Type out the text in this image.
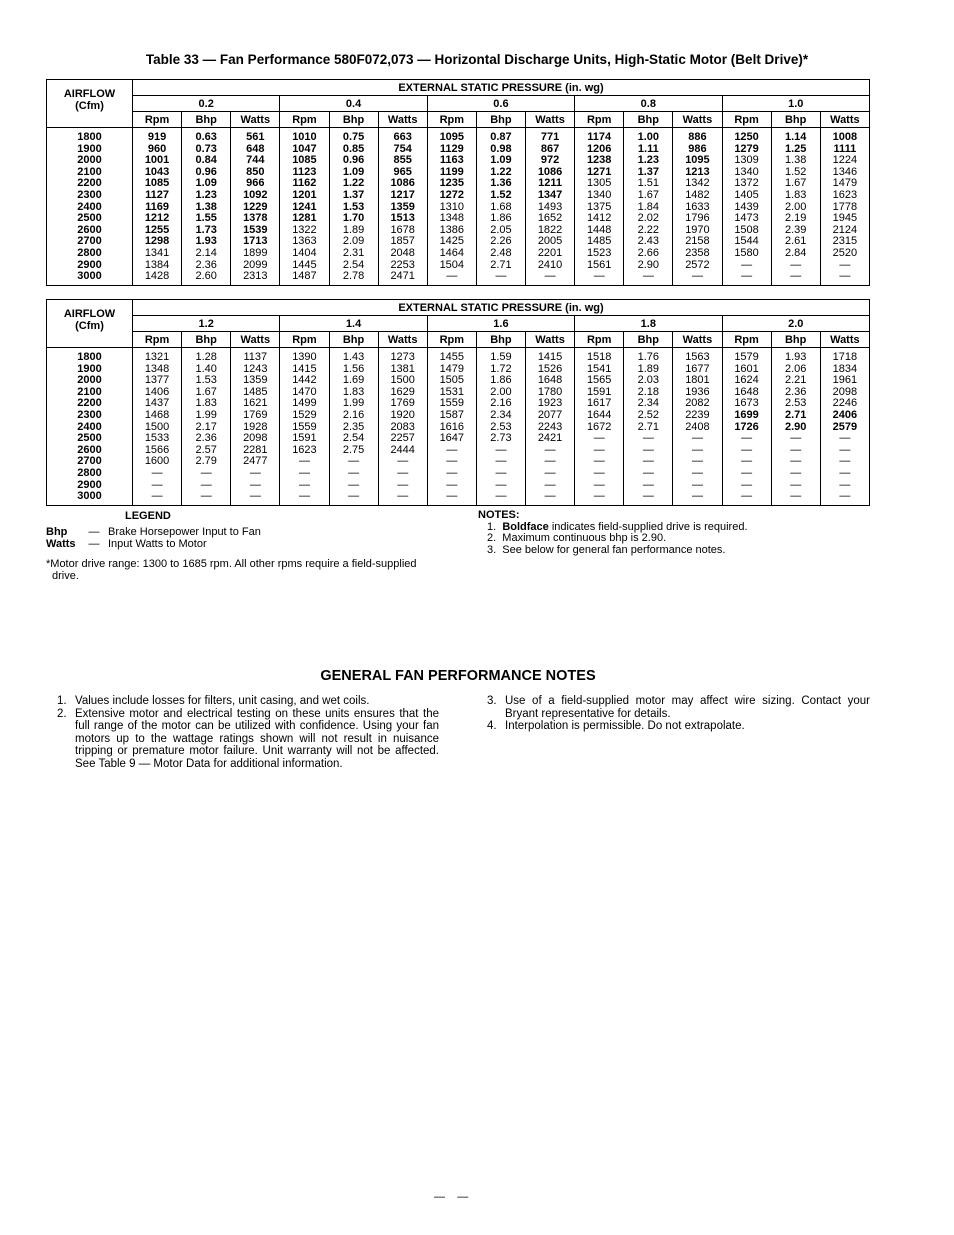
Table 33 — Fan Performance 580F072,073 — Horizontal Discharge Units, High-Static Motor (Belt Drive)*
AIRFLOW
(Cfm)	EXTERNAL STATIC PRESSURE (in. wg)														
	0.2			0.4			0.6			0.8			1.0		
	Rpm	Bhp	Watts	Rpm	Bhp	Watts	Rpm	Bhp	Watts	Rpm	Bhp	Watts	Rpm	Bhp	Watts
1800	919	0.63	561	1010	0.75	663	1095	0.87	771	1174	1.00	886	1250	1.14	1008
1900	960	0.73	648	1047	0.85	754	1129	0.98	867	1206	1.11	986	1279	1.25	1111
2000	1001	0.84	744	1085	0.96	855	1163	1.09	972	1238	1.23	1095	1309	1.38	1224
2100	1043	0.96	850	1123	1.09	965	1199	1.22	1086	1271	1.37	1213	1340	1.52	1346
2200	1085	1.09	966	1162	1.22	1086	1235	1.36	1211	1305	1.51	1342	1372	1.67	1479
2300	1127	1.23	1092	1201	1.37	1217	1272	1.52	1347	1340	1.67	1482	1405	1.83	1623
2400	1169	1.38	1229	1241	1.53	1359	1310	1.68	1493	1375	1.84	1633	1439	2.00	1778
2500	1212	1.55	1378	1281	1.70	1513	1348	1.86	1652	1412	2.02	1796	1473	2.19	1945
2600	1255	1.73	1539	1322	1.89	1678	1386	2.05	1822	1448	2.22	1970	1508	2.39	2124
2700	1298	1.93	1713	1363	2.09	1857	1425	2.26	2005	1485	2.43	2158	1544	2.61	2315
2800	1341	2.14	1899	1404	2.31	2048	1464	2.48	2201	1523	2.66	2358	1580	2.84	2520
2900	1384	2.36	2099	1445	2.54	2253	1504	2.71	2410	1561	2.90	2572	—	—	—
3000	1428	2.60	2313	1487	2.78	2471	—	—	—	—	—	—	—	—	—
AIRFLOW
(Cfm)	EXTERNAL STATIC PRESSURE (in. wg)														
	1.2			1.4			1.6			1.8			2.0		
	Rpm	Bhp	Watts	Rpm	Bhp	Watts	Rpm	Bhp	Watts	Rpm	Bhp	Watts	Rpm	Bhp	Watts
1800	1321	1.28	1137	1390	1.43	1273	1455	1.59	1415	1518	1.76	1563	1579	1.93	1718
1900	1348	1.40	1243	1415	1.56	1381	1479	1.72	1526	1541	1.89	1677	1601	2.06	1834
2000	1377	1.53	1359	1442	1.69	1500	1505	1.86	1648	1565	2.03	1801	1624	2.21	1961
2100	1406	1.67	1485	1470	1.83	1629	1531	2.00	1780	1591	2.18	1936	1648	2.36	2098
2200	1437	1.83	1621	1499	1.99	1769	1559	2.16	1923	1617	2.34	2082	1673	2.53	2246
2300	1468	1.99	1769	1529	2.16	1920	1587	2.34	2077	1644	2.52	2239	1699	2.71	2406
2400	1500	2.17	1928	1559	2.35	2083	1616	2.53	2243	1672	2.71	2408	1726	2.90	2579
2500	1533	2.36	2098	1591	2.54	2257	1647	2.73	2421	—	—	—	—	—	—
2600	1566	2.57	2281	1623	2.75	2444	—	—	—	—	—	—	—	—	—
2700	1600	2.79	2477	—	—	—	—	—	—	—	—	—	—	—	—
2800	—	—	—	—	—	—	—	—	—	—	—	—	—	—	—
2900	—	—	—	—	—	—	—	—	—	—	—	—	—	—	—
3000	—	—	—	—	—	—	—	—	—	—	—	—	—	—	—
LEGEND
Bhp	— Brake Horsepower Input to Fan
Watts	— Input Watts to Motor
*Motor drive range: 1300 to 1685 rpm. All other rpms require a field-supplied
drive.
NOTES:
1. Boldface indicates field-supplied drive is required.
2.  Maximum continuous bhp is 2.90.
3.  See below for general fan performance notes.
GENERAL FAN PERFORMANCE NOTES
1. Values include losses for filters, unit casing, and wet coils.
2. Extensive motor and electrical testing on these units ensures that the full range of the motor can be utilized with confidence. Using your fan motors up to the wattage ratings shown will not result in nuisance tripping or premature motor failure. Unit warranty will not be affected. See Table 9 — Motor Data for additional information.
3. Use of a field-supplied motor may affect wire sizing. Contact your Bryant representative for details.
4. Interpolation is permissible. Do not extrapolate.
—    —
